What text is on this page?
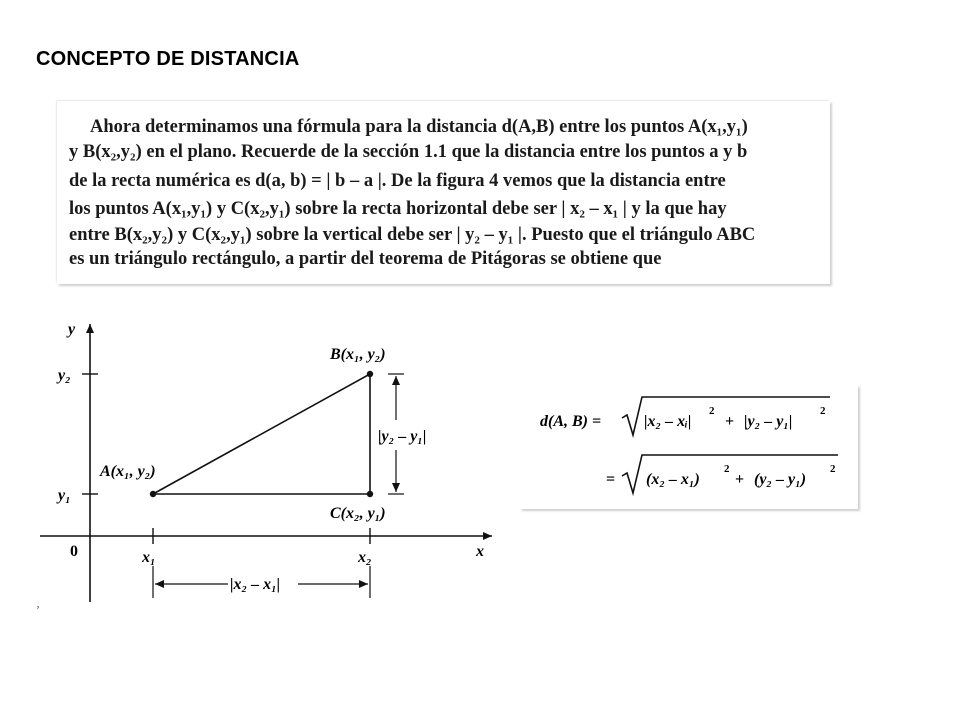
CONCEPTO DE DISTANCIA

Ahora determinamos una fórmula para la distancia d(A,B) entre los puntos A(x₁,y₁)

y B(x₂,y₂) en el plano. Recuerde de la sección 1.1 que la distancia entre los puntos a y b

de la recta numérica es d(a, b) = | b – a |. De la figura 4 vemos que la distancia entre

los puntos A(x₁,y₁) y C(x₂,y₁) sobre la recta horizontal debe ser | x₂ – x₁ | y la que hay

entre B(x₂,y₂) y C(x₂,y₁) sobre la vertical debe ser | y₂ – y₁ |. Puesto que el triángulo ABC

es un triángulo rectángulo, a partir del teorema de Pitágoras se obtiene que

y
x
0
y₂
y₁
x₁	x₂
A(x₁, y₂)
B(x₁, y₂)
C(x₂, y₁)
|y₂ – y₁|
|x₂ – x₁|
d(A, B) =	|x₂ – xᵢ|
2
+ |y₂ – y₁|
2
= (x₂ – x₁)
2
+ (y₂ – y₁)
2
ʼ
